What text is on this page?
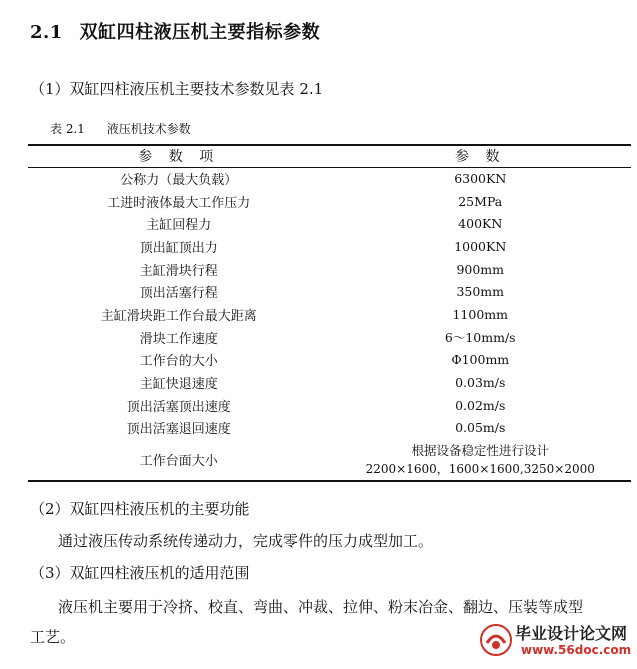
2.1 双缸四柱液压机主要指标参数
（1）双缸四柱液压机主要技术参数见表 2.1
表 2.1 液压机技术参数
参 数 项	参 数
公称力（最大负载）	6300KN
工进时液体最大工作压力	25MPa
主缸回程力	400KN
顶出缸顶出力	1000KN
主缸滑块行程	900mm
顶出活塞行程	350mm
主缸滑块距工作台最大距离	1100mm
滑块工作速度	6～10mm/s
工作台的大小	Φ100mm
主缸快退速度	0.03m/s
顶出活塞顶出速度	0.02m/s
顶出活塞退回速度	0.05m/s
工作台面大小	根据设备稳定性进行设计
2200×1600，1600×1600,3250×2000
（2）双缸四柱液压机的主要功能
通过液压传动系统传递动力，完成零件的压力成型加工。
（3）双缸四柱液压机的适用范围
液压机主要用于冷挤、校直、弯曲、冲裁、拉伸、粉末冶金、翻边、压装等成型
工艺。	毕业设计论文网
www.56doc.com
